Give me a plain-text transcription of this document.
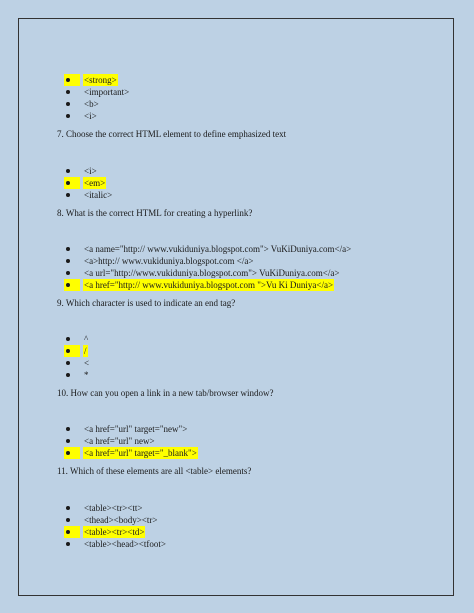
<strong>
<important>
<b>
<i>
7. Choose the correct HTML element to define emphasized text
<i>
<em>
<italic>
8. What is the correct HTML for creating a hyperlink?
<a name="http:// www.vukiduniya.blogspot.com"> VuKiDuniya.com</a>
<a>http:// www.vukiduniya.blogspot.com </a>
<a url="http://www.vukiduniya.blogspot.com"> VuKiDuniya.com</a>
<a href="http:// www.vukiduniya.blogspot.com ">Vu Ki Duniya</a>
9. Which character is used to indicate an end tag?
^
/
<
*
10. How can you open a link in a new tab/browser window?
<a href="url" target="new">
<a href="url" new>
<a href="url" target="_blank">
11. Which of these elements are all <table> elements?
<table><tr><tt>
<thead><body><tr>
<table><tr><td>
<table><head><tfoot>
